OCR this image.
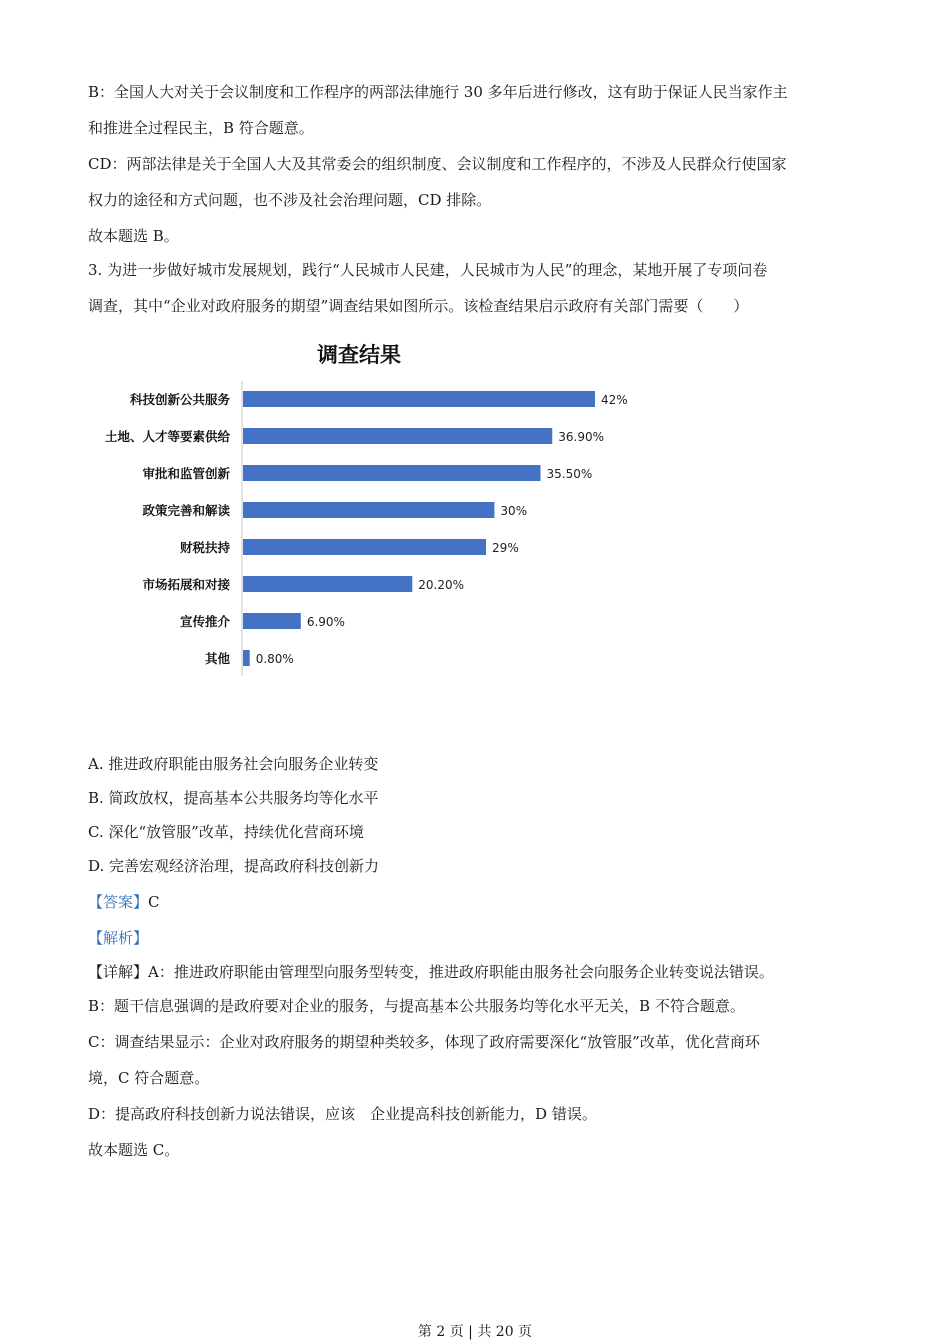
B：全国人大对关于会议制度和工作程序的两部法律施行 30 多年后进行修改，这有助于保证人民当家作主
和推进全过程民主，B 符合题意。
CD：两部法律是关于全国人大及其常委会的组织制度、会议制度和工作程序的，不涉及人民群众行使国家
权力的途径和方式问题，也不涉及社会治理问题，CD 排除。
故本题选 B。
3. 为进一步做好城市发展规划，践行“人民城市人民建，人民城市为人民”的理念，某地开展了专项问卷
调查，其中“企业对政府服务的期望”调查结果如图所示。该检查结果启示政府有关部门需要（　　）
调查结果
科技创新公共服务	42%
土地、人才等要素供给	36.90%
审批和监管创新	35.50%
政策完善和解读	30%
财税扶持	29%
市场拓展和对接	20.20%
宣传推介	6.90%
其他 0.80%
A. 推进政府职能由服务社会向服务企业转变
B. 简政放权，提高基本公共服务均等化水平
C. 深化“放管服”改革，持续优化营商环境
D. 完善宏观经济治理，提高政府科技创新力
【答案】C
【解析】
【详解】A：推进政府职能由管理型向服务型转变，推进政府职能由服务社会向服务企业转变说法错误。
B：题干信息强调的是政府要对企业的服务，与提高基本公共服务均等化水平无关，B 不符合题意。
C：调查结果显示：企业对政府服务的期望种类较多，体现了政府需要深化“放管服”改革，优化营商环
境，C 符合题意。
D：提高政府科技创新力说法错误，应该　企业提高科技创新能力，D 错误。
故本题选 C。
第 2 页 | 共 20 页
